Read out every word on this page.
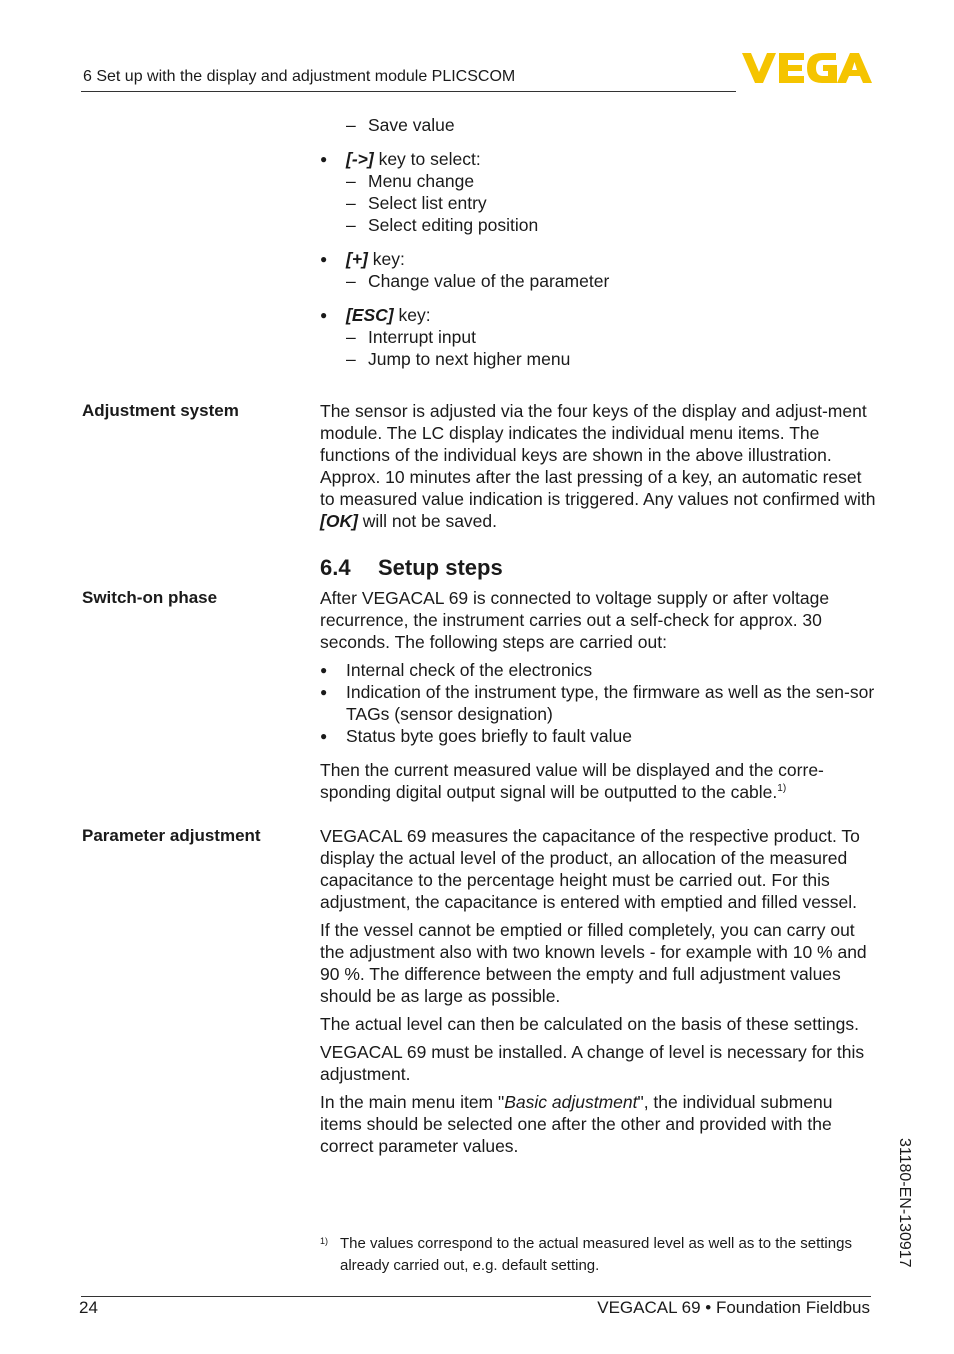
6 Set up with the display and adjustment module PLICSCOM
– Save value
● [->] key to select:
– Menu change
– Select list entry
– Select editing position
● [+] key:
– Change value of the parameter
● [ESC] key:
– Interrupt input
– Jump to next higher menu
Adjustment system	The sensor is adjusted via the four keys of the display and adjust-ment module. The LC display indicates the individual menu items. The functions of the individual keys are shown in the above illustration. Approx. 10 minutes after the last pressing of a key, an automatic reset to measured value indication is triggered. Any values not confirmed with [OK] will not be saved.
6.4 Setup steps
Switch-on phase	After VEGACAL 69 is connected to voltage supply or after voltage recurrence, the instrument carries out a self-check for approx. 30 seconds. The following steps are carried out:
● Internal check of the electronics
● Indication of the instrument type, the firmware as well as the sen-sor TAGs (sensor designation)
● Status byte goes briefly to fault value
Then the current measured value will be displayed and the corre-sponding digital output signal will be outputted to the cable.$^{1)}$
Parameter adjustment	VEGACAL 69 measures the capacitance of the respective product. To display the actual level of the product, an allocation of the measured capacitance to the percentage height must be carried out. For this adjustment, the capacitance is entered with emptied and filled vessel.
If the vessel cannot be emptied or filled completely, you can carry out the adjustment also with two known levels - for example with 10 % and 90 %. The difference between the empty and full adjustment values should be as large as possible.
The actual level can then be calculated on the basis of these settings.
VEGACAL 69 must be installed. A change of level is necessary for this adjustment.
In the main menu item "Basic adjustment", the individual submenu items should be selected one after the other and provided with the correct parameter values.
1) The values correspond to the actual measured level as well as to the settings already carried out, e.g. default setting.	31180-EN-130917
24	VEGACAL 69 • Foundation Fieldbus
